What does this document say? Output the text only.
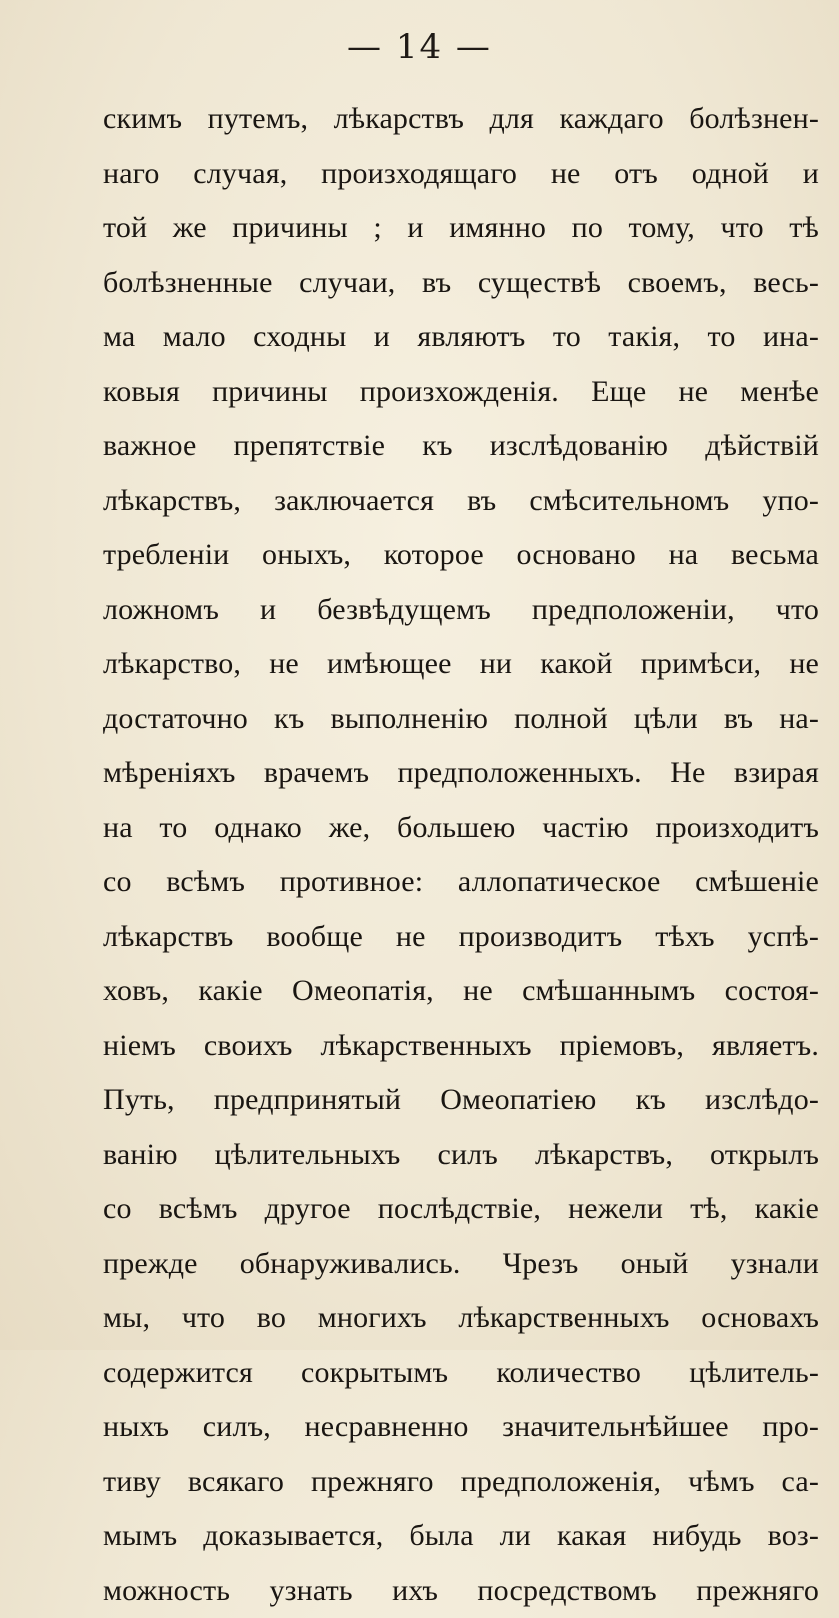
— 14 —
скимъ путемъ, лѣкарствъ для каждаго болѣзнен-
наго случая, произходящаго не отъ одной и
той же причины ; и имянно по тому, что тѣ
болѣзненные случаи, въ существѣ своемъ, весь-
ма мало сходны и являютъ то такія, то ина-
ковыя причины произхожденія. Еще не менѣе
важное препятствіе къ изслѣдованію дѣйствій
лѣкарствъ, заключается въ смѣсительномъ упо-
требленіи оныхъ, которое основано на весьма
ложномъ и безвѣдущемъ предположеніи, что
лѣкарство, не имѣющее ни какой примѣси, не
достаточно къ выполненію полной цѣли въ на-
мѣреніяхъ врачемъ предположенныхъ. Не взирая
на то однако же, большею частію произходитъ
со всѣмъ противное: аллопатическое смѣшеніе
лѣкарствъ вообще не производитъ тѣхъ успѣ-
ховъ, какіе Омеопатія, не смѣшаннымъ состоя-
ніемъ своихъ лѣкарственныхъ пріемовъ, являетъ.
Путь, предпринятый Омеопатіею къ изслѣдо-
ванію цѣлительныхъ силъ лѣкарствъ, открылъ
со всѣмъ другое послѣдствіе, нежели тѣ, какіе
прежде обнаруживались. Чрезъ оный узнали
мы, что во многихъ лѣкарственныхъ основахъ
содержится сокрытымъ количество цѣлитель-
ныхъ силъ, несравненно значительнѣйшее про-
тиву всякаго прежняго предположенія, чѣмъ са-
мымъ доказывается, была ли какая нибудь воз-
можность узнать ихъ посредствомъ прежняго
